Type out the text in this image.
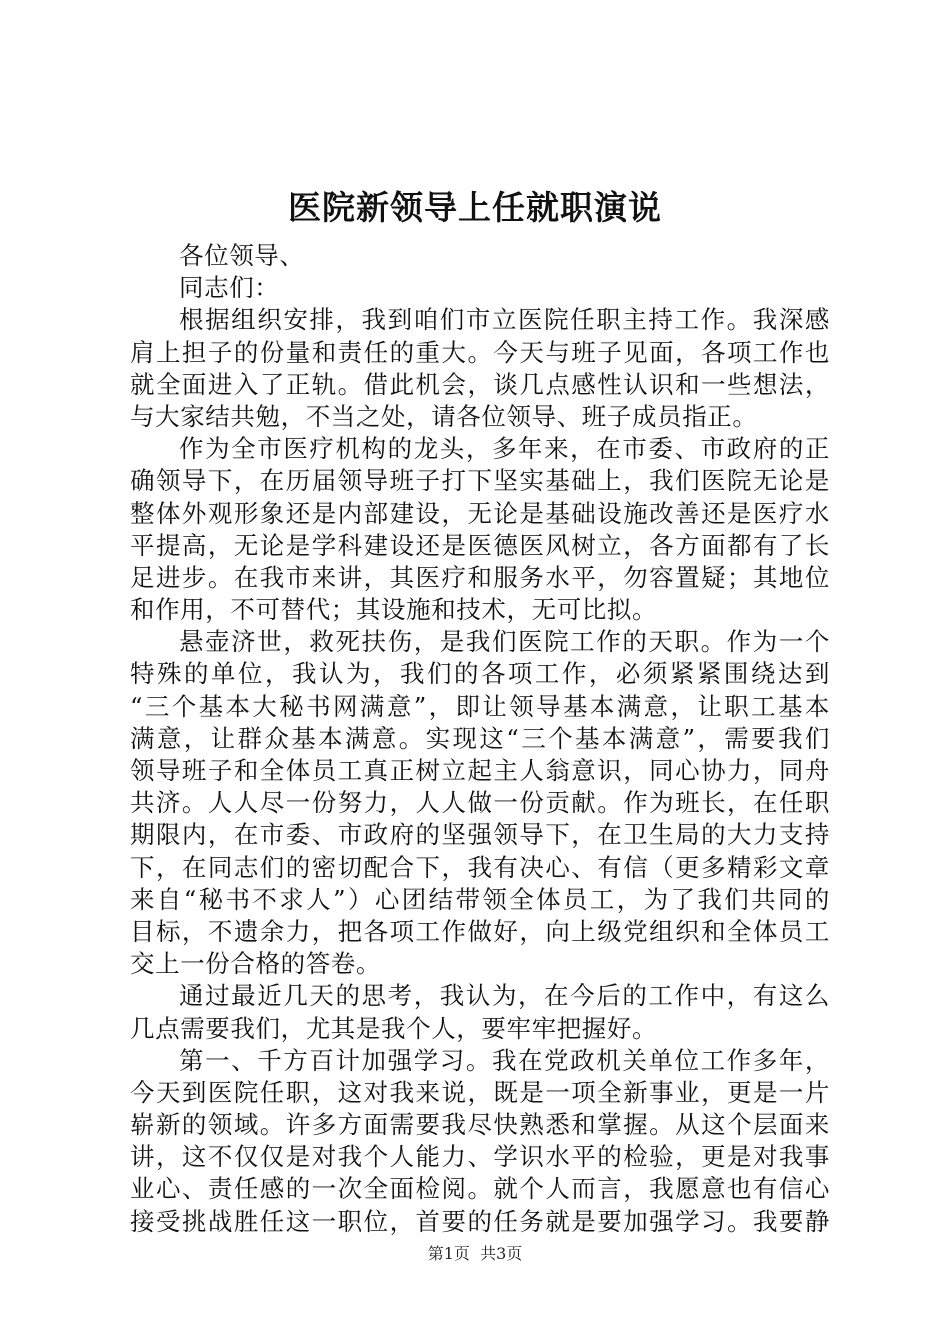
医院新领导上任就职演说
各位领导、
同志们：
根据组织安排，我到咱们市立医院任职主持工作。我深感
肩上担子的份量和责任的重大。今天与班子见面，各项工作也
就全面进入了正轨。借此机会，谈几点感性认识和一些想法，
与大家结共勉，不当之处，请各位领导、班子成员指正。
作为全市医疗机构的龙头，多年来，在市委、市政府的正
确领导下，在历届领导班子打下坚实基础上，我们医院无论是
整体外观形象还是内部建设，无论是基础设施改善还是医疗水
平提高，无论是学科建设还是医德医风树立，各方面都有了长
足进步。在我市来讲，其医疗和服务水平，勿容置疑；其地位
和作用，不可替代；其设施和技术，无可比拟。
悬壶济世，救死扶伤，是我们医院工作的天职。作为一个
特殊的单位，我认为，我们的各项工作，必须紧紧围绕达到
“三个基本大秘书网满意”，即让领导基本满意，让职工基本
满意，让群众基本满意。实现这“三个基本满意”，需要我们
领导班子和全体员工真正树立起主人翁意识，同心协力，同舟
共济。人人尽一份努力，人人做一份贡献。作为班长，在任职
期限内，在市委、市政府的坚强领导下，在卫生局的大力支持
下，在同志们的密切配合下，我有决心、有信（更多精彩文章
来自“秘书不求人”）心团结带领全体员工，为了我们共同的
目标，不遗余力，把各项工作做好，向上级党组织和全体员工
交上一份合格的答卷。
通过最近几天的思考，我认为，在今后的工作中，有这么
几点需要我们，尤其是我个人，要牢牢把握好。
第一、千方百计加强学习。我在党政机关单位工作多年，
今天到医院任职，这对我来说，既是一项全新事业，更是一片
崭新的领域。许多方面需要我尽快熟悉和掌握。从这个层面来
讲，这不仅仅是对我个人能力、学识水平的检验，更是对我事
业心、责任感的一次全面检阅。就个人而言，我愿意也有信心
接受挑战胜任这一职位，首要的任务就是要加强学习。我要静
第1页 共3页
